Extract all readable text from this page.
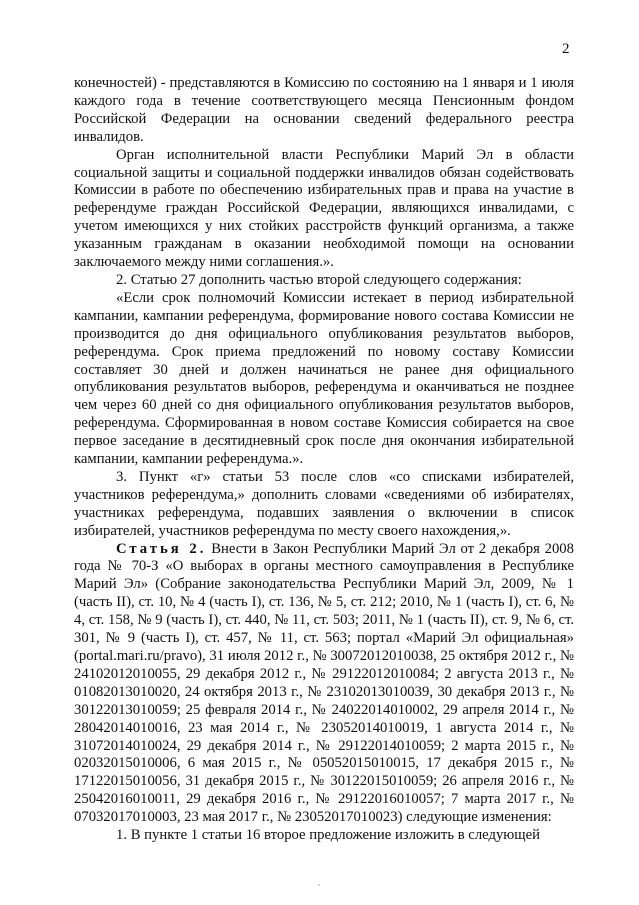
2

конечностей) - представляются в Комиссию по состоянию на 1 января и 1 июля каждого года в течение соответствующего месяца Пенсионным фондом Российской Федерации на основании сведений федерального реестра инвалидов.

Орган исполнительной власти Республики Марий Эл в области социальной защиты и социальной поддержки инвалидов обязан содействовать Комиссии в работе по обеспечению избирательных прав и права на участие в референдуме граждан Российской Федерации, являющихся инвалидами, с учетом имеющихся у них стойких расстройств функций организма, а также указанным гражданам в оказании необходимой помощи на основании заключаемого между ними соглашения.».

2. Статью 27 дополнить частью второй следующего содержания:

«Если срок полномочий Комиссии истекает в период избирательной кампании, кампании референдума, формирование нового состава Комиссии не производится до дня официального опубликования результатов выборов, референдума. Срок приема предложений по новому составу Комиссии составляет 30 дней и должен начинаться не ранее дня официального опубликования результатов выборов, референдума и оканчиваться не позднее чем через 60 дней со дня официального опубликования результатов выборов, референдума. Сформированная в новом составе Комиссия собирается на свое первое заседание в десятидневный срок после дня окончания избирательной кампании, кампании референдума.».

3. Пункт «г» статьи 53 после слов «со списками избирателей, участников референдума,» дополнить словами «сведениями об избирателях, участниках референдума, подавших заявления о включении в список избирателей, участников референдума по месту своего нахождения,».

Статья 2. Внести в Закон Республики Марий Эл от 2 декабря 2008 года № 70-З «О выборах в органы местного самоуправления в Республике Марий Эл» (Собрание законодательства Республики Марий Эл, 2009, № 1 (часть II), ст. 10, № 4 (часть I), ст. 136, № 5, ст. 212; 2010, № 1 (часть I), ст. 6, № 4, ст. 158, № 9 (часть I), ст. 440, № 11, ст. 503; 2011, № 1 (часть II), ст. 9, № 6, ст. 301, № 9 (часть I), ст. 457, № 11, ст. 563; портал «Марий Эл официальная» (portal.mari.ru/pravo), 31 июля 2012 г., № 30072012010038, 25 октября 2012 г., № 24102012010055, 29 декабря 2012 г., № 29122012010084; 2 августа 2013 г., № 01082013010020, 24 октября 2013 г., № 23102013010039, 30 декабря 2013 г., № 30122013010059; 25 февраля 2014 г., № 24022014010002, 29 апреля 2014 г., № 28042014010016, 23 мая 2014 г., № 23052014010019, 1 августа 2014 г., № 31072014010024, 29 декабря 2014 г., № 29122014010059; 2 марта 2015 г., № 02032015010006, 6 мая 2015 г., № 05052015010015, 17 декабря 2015 г., № 17122015010056, 31 декабря 2015 г., № 30122015010059; 26 апреля 2016 г., № 25042016010011, 29 декабря 2016 г., № 29122016010057; 7 марта 2017 г., № 07032017010003, 23 мая 2017 г., № 23052017010023) следующие изменения:

1. В пункте 1 статьи 16 второе предложение изложить в следующей
